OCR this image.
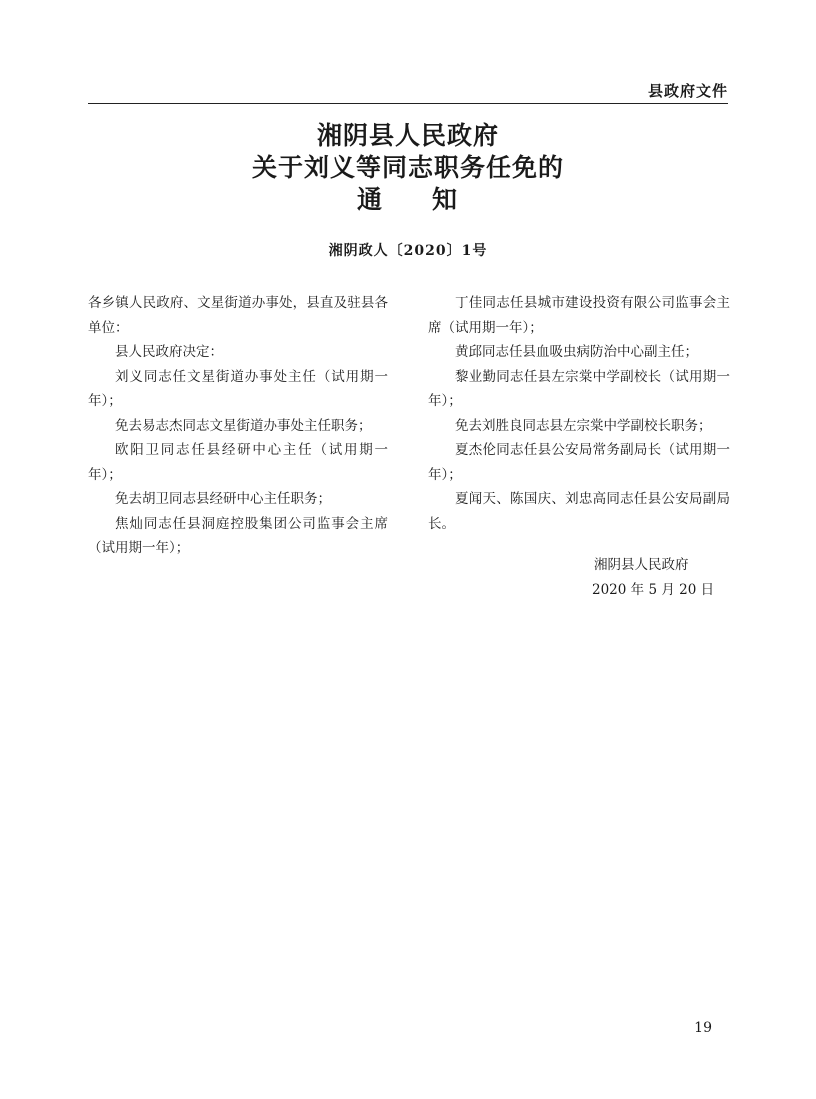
县政府文件
湘阴县人民政府
关于刘义等同志职务任免的
通 知
湘阴政人〔2020〕1号

各乡镇人民政府、文星街道办事处，县直及驻县各单位：

县人民政府决定：

刘义同志任文星街道办事处主任（试用期一年）；

免去易志杰同志文星街道办事处主任职务；

欧阳卫同志任县经研中心主任（试用期一年）；

免去胡卫同志县经研中心主任职务；

焦灿同志任县洞庭控股集团公司监事会主席（试用期一年）；

丁佳同志任县城市建设投资有限公司监事会主席（试用期一年）；

黄邱同志任县血吸虫病防治中心副主任；

黎业勤同志任县左宗棠中学副校长（试用期一年）；

免去刘胜良同志县左宗棠中学副校长职务；

夏杰伦同志任县公安局常务副局长（试用期一年）；

夏闻天、陈国庆、刘忠高同志任县公安局副局长。

湘阴县人民政府
2020 年 5 月 20 日
19
